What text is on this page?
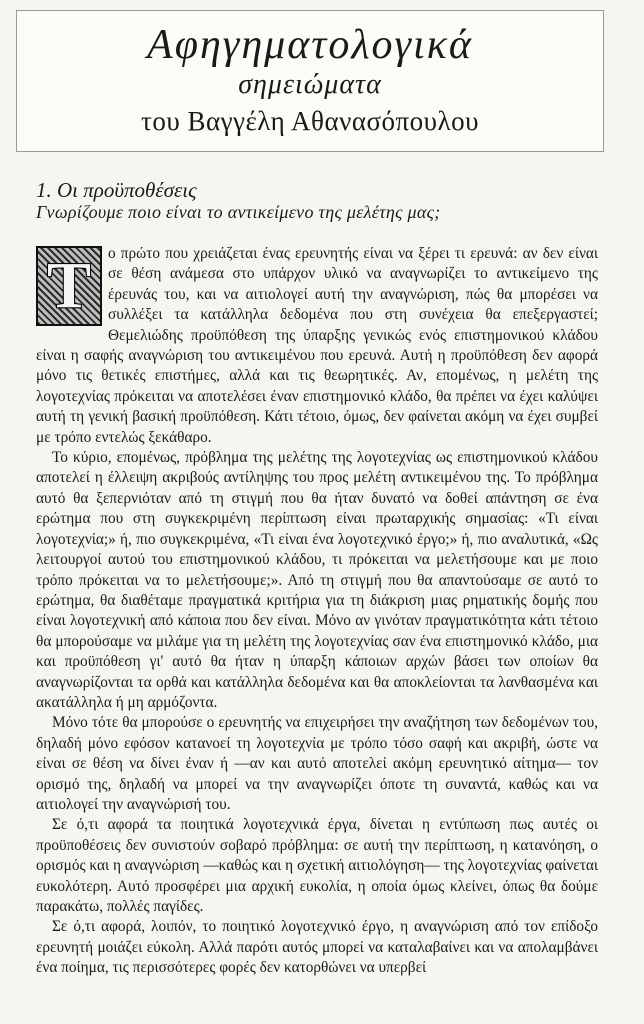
Αφηγηματολογικά
σημειώματα
του Βαγγέλη Αθανασόπουλου
1. Οι προϋποθέσεις
Γνωρίζουμε ποιο είναι το αντικείμενο της μελέτης μας;

Τ	ο πρώτο που χρειάζεται ένας ερευνητής είναι να ξέρει τι ερευνά: αν δεν είναι σε θέση ανάμεσα στο υπάρχον υλικό να αναγνωρίζει το αντικείμενο της έρευνάς του, και να αιτιολογεί αυτή την αναγνώριση, πώς θα μπορέσει να συλλέξει τα κατάλληλα δεδομένα που στη συνέχεια θα επεξεργαστεί; Θεμελιώδης προϋπόθεση της ύπαρξης γενικώς ενός επιστημονικού κλάδου είναι η σαφής αναγνώριση του αντικειμένου που ερευνά. Αυτή η προϋπόθεση δεν αφορά μόνο τις θετικές επιστήμες, αλλά και τις θεωρητικές. Αν, επομένως, η μελέτη της λογοτεχνίας πρόκειται να αποτελέσει έναν επιστημονικό κλάδο, θα πρέπει να έχει καλύψει αυτή τη γενική βασική προϋπόθεση. Κάτι τέτοιο, όμως, δεν φαίνεται ακόμη να έχει συμβεί με τρόπο εντελώς ξεκάθαρο.

Το κύριο, επομένως, πρόβλημα της μελέτης της λογοτεχνίας ως επιστημονικού κλάδου αποτελεί η έλλειψη ακριβούς αντίληψης του προς μελέτη αντικειμένου της. Το πρόβλημα αυτό θα ξεπερνιόταν από τη στιγμή που θα ήταν δυνατό να δοθεί απάντηση σε ένα ερώτημα που στη συγκεκριμένη περίπτωση είναι πρωταρχικής σημασίας: «Τι είναι λογοτεχνία;» ή, πιο συγκεκριμένα, «Τι είναι ένα λογοτεχνικό έργο;» ή, πιο αναλυτικά, «Ως λειτουργοί αυτού του επιστημονικού κλάδου, τι πρόκειται να μελετήσουμε και με ποιο τρόπο πρόκειται να το μελετήσουμε;». Από τη στιγμή που θα απαντούσαμε σε αυτό το ερώτημα, θα διαθέταμε πραγματικά κριτήρια για τη διάκριση μιας ρηματικής δομής που είναι λογοτεχνική από κάποια που δεν είναι. Μόνο αν γινόταν πραγματικότητα κάτι τέτοιο θα μπορούσαμε να μιλάμε για τη μελέτη της λογοτεχνίας σαν ένα επιστημονικό κλάδο, μια και προϋπόθεση γι' αυτό θα ήταν η ύπαρξη κάποιων αρχών βάσει των οποίων θα αναγνωρίζονται τα ορθά και κατάλληλα δεδομένα και θα αποκλείονται τα λανθασμένα και ακατάλληλα ή μη αρμόζοντα.

Μόνο τότε θα μπορούσε ο ερευνητής να επιχειρήσει την αναζήτηση των δεδομένων του, δηλαδή μόνο εφόσον κατανοεί τη λογοτεχνία με τρόπο τόσο σαφή και ακριβή, ώστε να είναι σε θέση να δίνει έναν ή —αν και αυτό αποτελεί ακόμη ερευνητικό αίτημα— τον ορισμό της, δηλαδή να μπορεί να την αναγνωρίζει όποτε τη συναντά, καθώς και να αιτιολογεί την αναγνώρισή του.

Σε ό,τι αφορά τα ποιητικά λογοτεχνικά έργα, δίνεται η εντύπωση πως αυτές οι προϋποθέσεις δεν συνιστούν σοβαρό πρόβλημα: σε αυτή την περίπτωση, η κατανόηση, ο ορισμός και η αναγνώριση —καθώς και η σχετική αιτιολόγηση— της λογοτεχνίας φαίνεται ευκολότερη. Αυτό προσφέρει μια αρχική ευκολία, η οποία όμως κλείνει, όπως θα δούμε παρακάτω, πολλές παγίδες.

Σε ό,τι αφορά, λοιπόν, το ποιητικό λογοτεχνικό έργο, η αναγνώριση από τον επίδοξο ερευνητή μοιάζει εύκολη. Αλλά παρότι αυτός μπορεί να καταλαβαίνει και να απολαμβάνει ένα ποίημα, τις περισσότερες φορές δεν κατορθώνει να υπερβεί
